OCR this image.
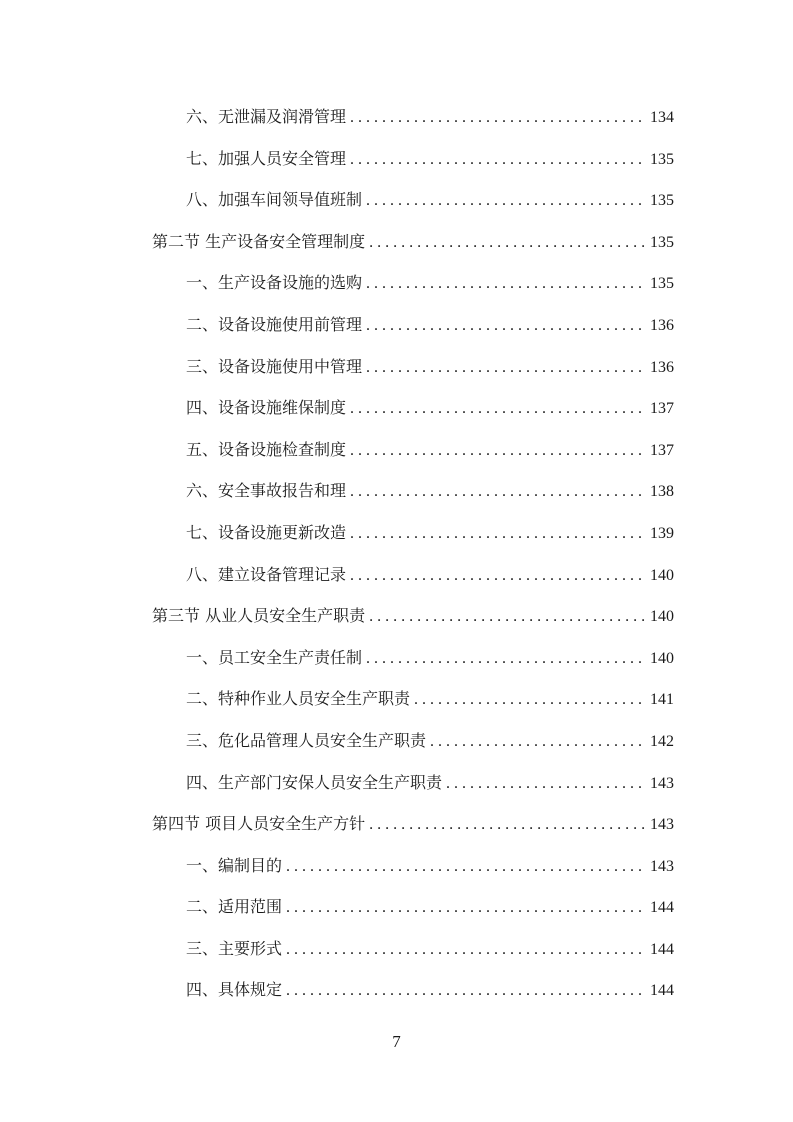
六、无泄漏及润滑管理 . . .	134
七、加强人员安全管理 . . .	135
八、加强车间领导值班制 . . .	135
第二节 生产设备安全管理制度 . . .	135
一、生产设备设施的选购 . . .	135
二、设备设施使用前管理 . . .	136
三、设备设施使用中管理 . . .	136
四、设备设施维保制度 . . .	137
五、设备设施检查制度 . . .	137
六、安全事故报告和理 . . .	138
七、设备设施更新改造 . . .	139
八、建立设备管理记录 . . .	140
第三节 从业人员安全生产职责 . . .	140
一、员工安全生产责任制 . . .	140
二、特种作业人员安全生产职责 . . .	141
三、危化品管理人员安全生产职责 . . .	142
四、生产部门安保人员安全生产职责 . . .	143
第四节 项目人员安全生产方针 . . .	143
一、编制目的 . . .	143
二、适用范围 . . .	144
三、主要形式 . . .	144
四、具体规定 . . .	144
7
